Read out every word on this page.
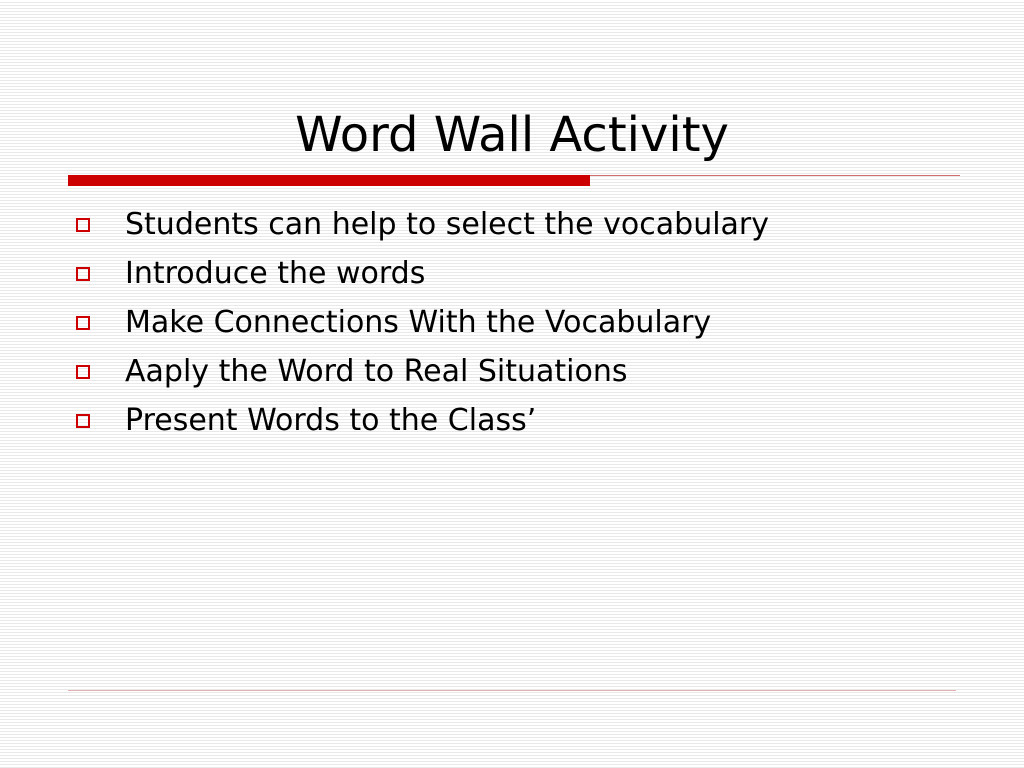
Word Wall Activity
Students can help to select the vocabulary
Introduce the words
Make Connections With the Vocabulary
Aaply the Word to Real Situations
Present Words to the Class’
